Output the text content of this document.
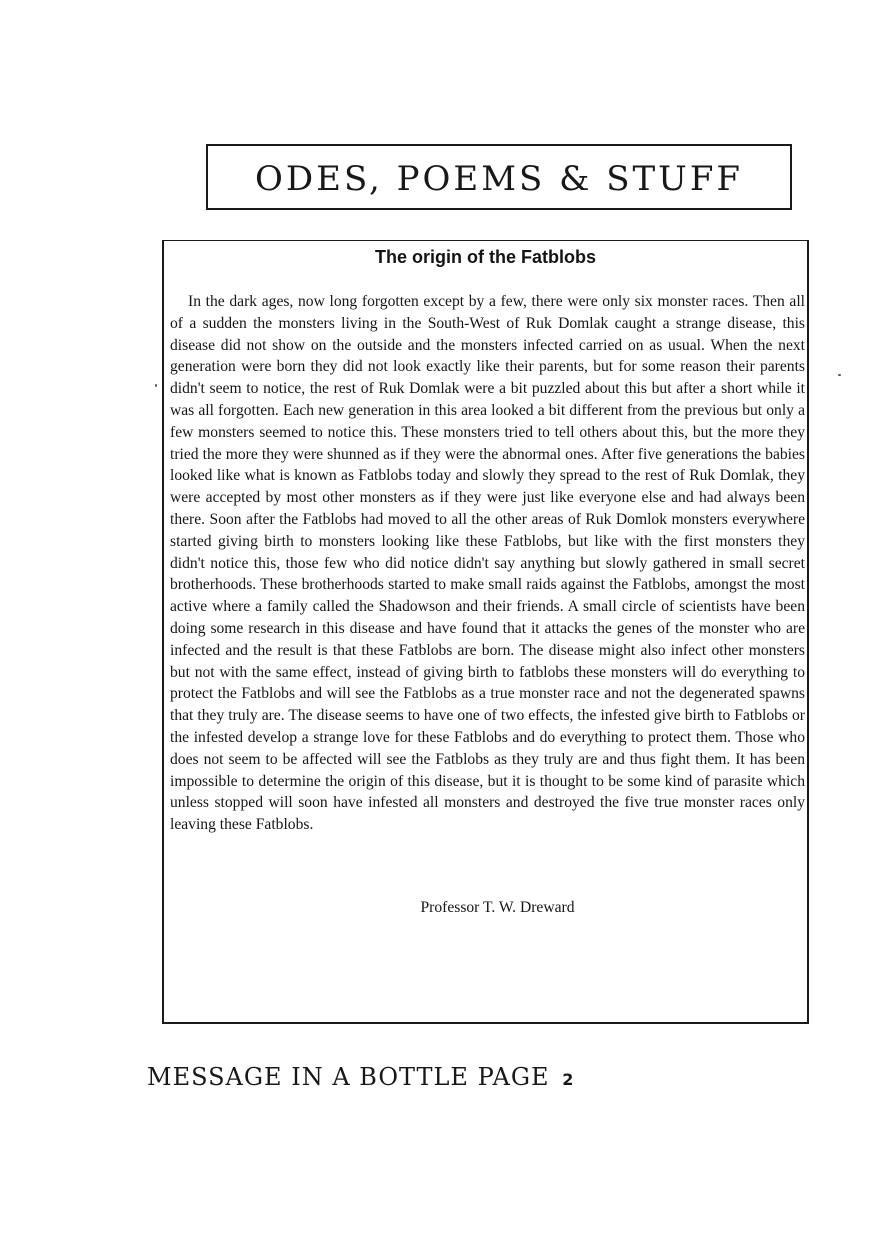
ODES, POEMS & STUFF
The origin of the Fatblobs

In the dark ages, now long forgotten except by a few, there were only six monster races. Then all of a sudden the monsters living in the South-West of Ruk Domlak caught a strange disease, this disease did not show on the outside and the monsters infected carried on as usual. When the next generation were born they did not look exactly like their parents, but for some reason their parents didn't seem to notice, the rest of Ruk Domlak were a bit puzzled about this but after a short while it was all forgotten. Each new generation in this area looked a bit different from the previous but only a few monsters seemed to notice this. These monsters tried to tell others about this, but the more they tried the more they were shunned as if they were the abnormal ones. After five generations the babies looked like what is known as Fatblobs today and slowly they spread to the rest of Ruk Domlak, they were accepted by most other monsters as if they were just like everyone else and had always been there. Soon after the Fatblobs had moved to all the other areas of Ruk Domlok monsters everywhere started giving birth to monsters looking like these Fatblobs, but like with the first monsters they didn't notice this, those few who did notice didn't say anything but slowly gathered in small secret brotherhoods. These brotherhoods started to make small raids against the Fatblobs, amongst the most active where a family called the Shadowson and their friends. A small circle of scientists have been doing some research in this disease and have found that it attacks the genes of the monster who are infected and the result is that these Fatblobs are born. The disease might also infect other monsters but not with the same effect, instead of giving birth to fatblobs these monsters will do everything to protect the Fatblobs and will see the Fatblobs as a true monster race and not the degenerated spawns that they truly are. The disease seems to have one of two effects, the infested give birth to Fatblobs or the infested develop a strange love for these Fatblobs and do everything to protect them. Those who does not seem to be affected will see the Fatblobs as they truly are and thus fight them. It has been impossible to determine the origin of this disease, but it is thought to be some kind of parasite which unless stopped will soon have infested all monsters and destroyed the five true monster races only leaving these Fatblobs.

Professor T. W. Dreward
MESSAGE IN A BOTTLE PAGE 2
